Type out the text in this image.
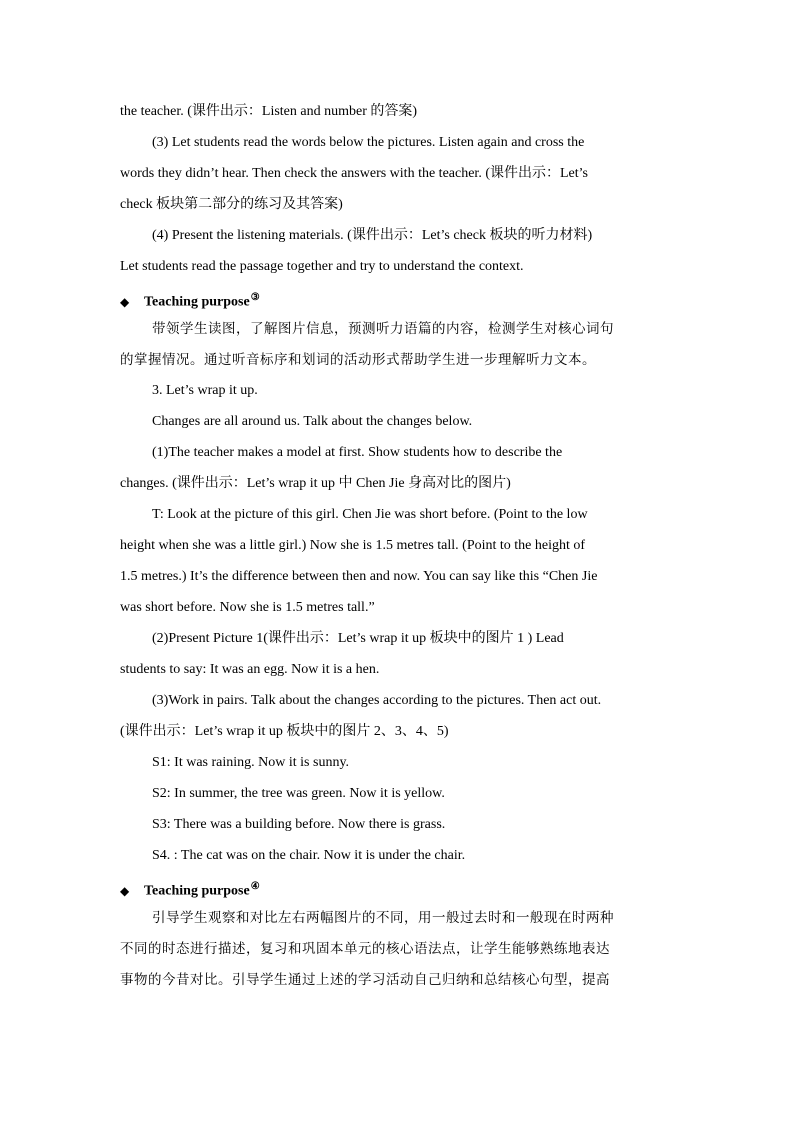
the teacher. (课件出示：Listen and number 的答案)
(3) Let students read the words below the pictures. Listen again and cross the
words they didn’t hear. Then check the answers with the teacher. (课件出示：Let’s
check 板块第二部分的练习及其答案)
(4) Present the listening materials. (课件出示：Let’s check 板块的听力材料)
Let students read the passage together and try to understand the context.
◆ Teaching purpose③
带领学生读图，了解图片信息，预测听力语篇的内容，检测学生对核心词句
的掌握情况。通过听音标序和划词的活动形式帮助学生进一步理解听力文本。
3. Let’s wrap it up.
Changes are all around us. Talk about the changes below.
(1)The teacher makes a model at first. Show students how to describe the
changes. (课件出示：Let’s wrap it up 中 Chen Jie 身高对比的图片)
T: Look at the picture of this girl. Chen Jie was short before. (Point to the low
height when she was a little girl.) Now she is 1.5 metres tall. (Point to the height of
1.5 metres.) It’s the difference between then and now. You can say like this “Chen Jie
was short before. Now she is 1.5 metres tall.”
(2)Present Picture 1(课件出示：Let’s wrap it up 板块中的图片 1 ) Lead
students to say: It was an egg. Now it is a hen.
(3)Work in pairs. Talk about the changes according to the pictures. Then act out.
(课件出示：Let’s wrap it up 板块中的图片 2、3、4、5)
S1: It was raining. Now it is sunny.
S2: In summer, the tree was green. Now it is yellow.
S3: There was a building before. Now there is grass.
S4. : The cat was on the chair. Now it is under the chair.
◆ Teaching purpose④
引导学生观察和对比左右两幅图片的不同，用一般过去时和一般现在时两种
不同的时态进行描述，复习和巩固本单元的核心语法点，让学生能够熟练地表达
事物的今昔对比。引导学生通过上述的学习活动自己归纳和总结核心句型，提高
